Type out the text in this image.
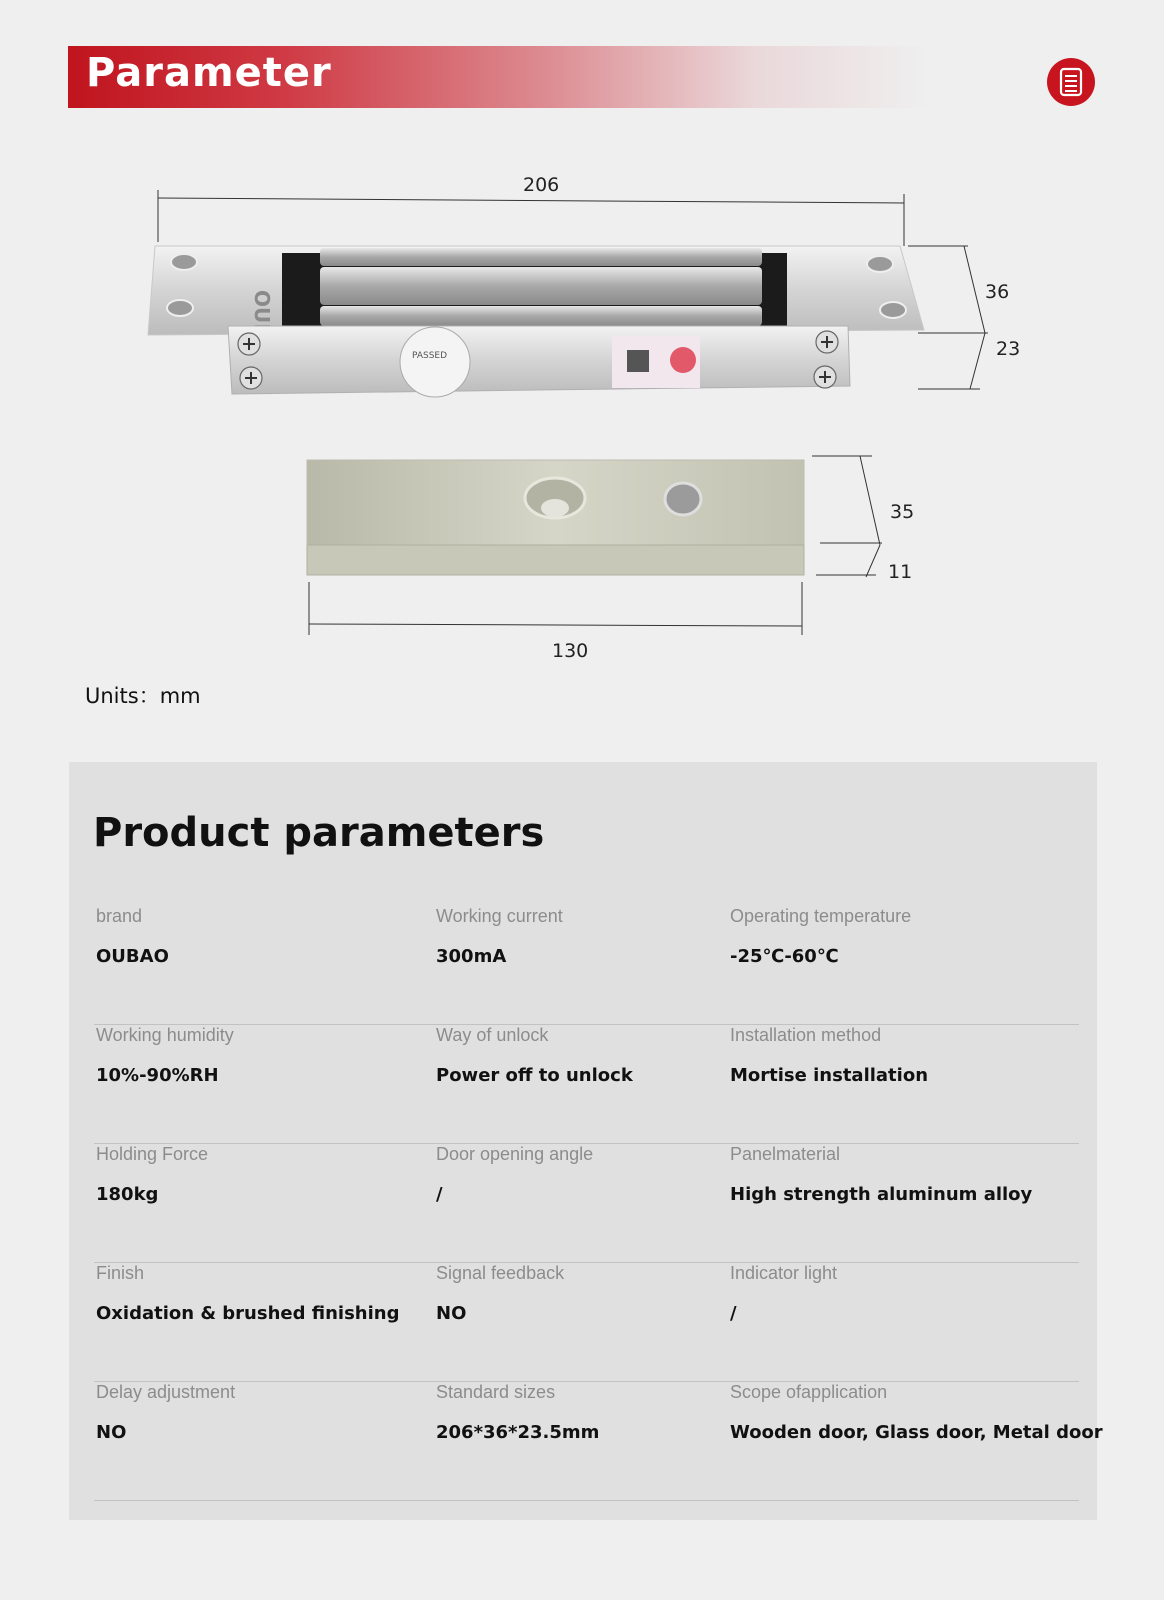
Parameter
PASSED
206
36
23
35
11
130
Units：mm
Product parameters
brand
OUBAO
Working current
300mA
Operating temperature
-25℃-60℃
Working humidity
10%-90%RH
Way of unlock
Power off to unlock
Installation method
Mortise installation
Holding Force
180kg
Door opening angle
/
Panelmaterial
High strength aluminum alloy
Finish
Oxidation & brushed finishing
Signal feedback
NO
Indicator light
/
Delay adjustment
NO
Standard sizes
206*36*23.5mm
Scope ofapplication
Wooden door, Glass door, Metal door
